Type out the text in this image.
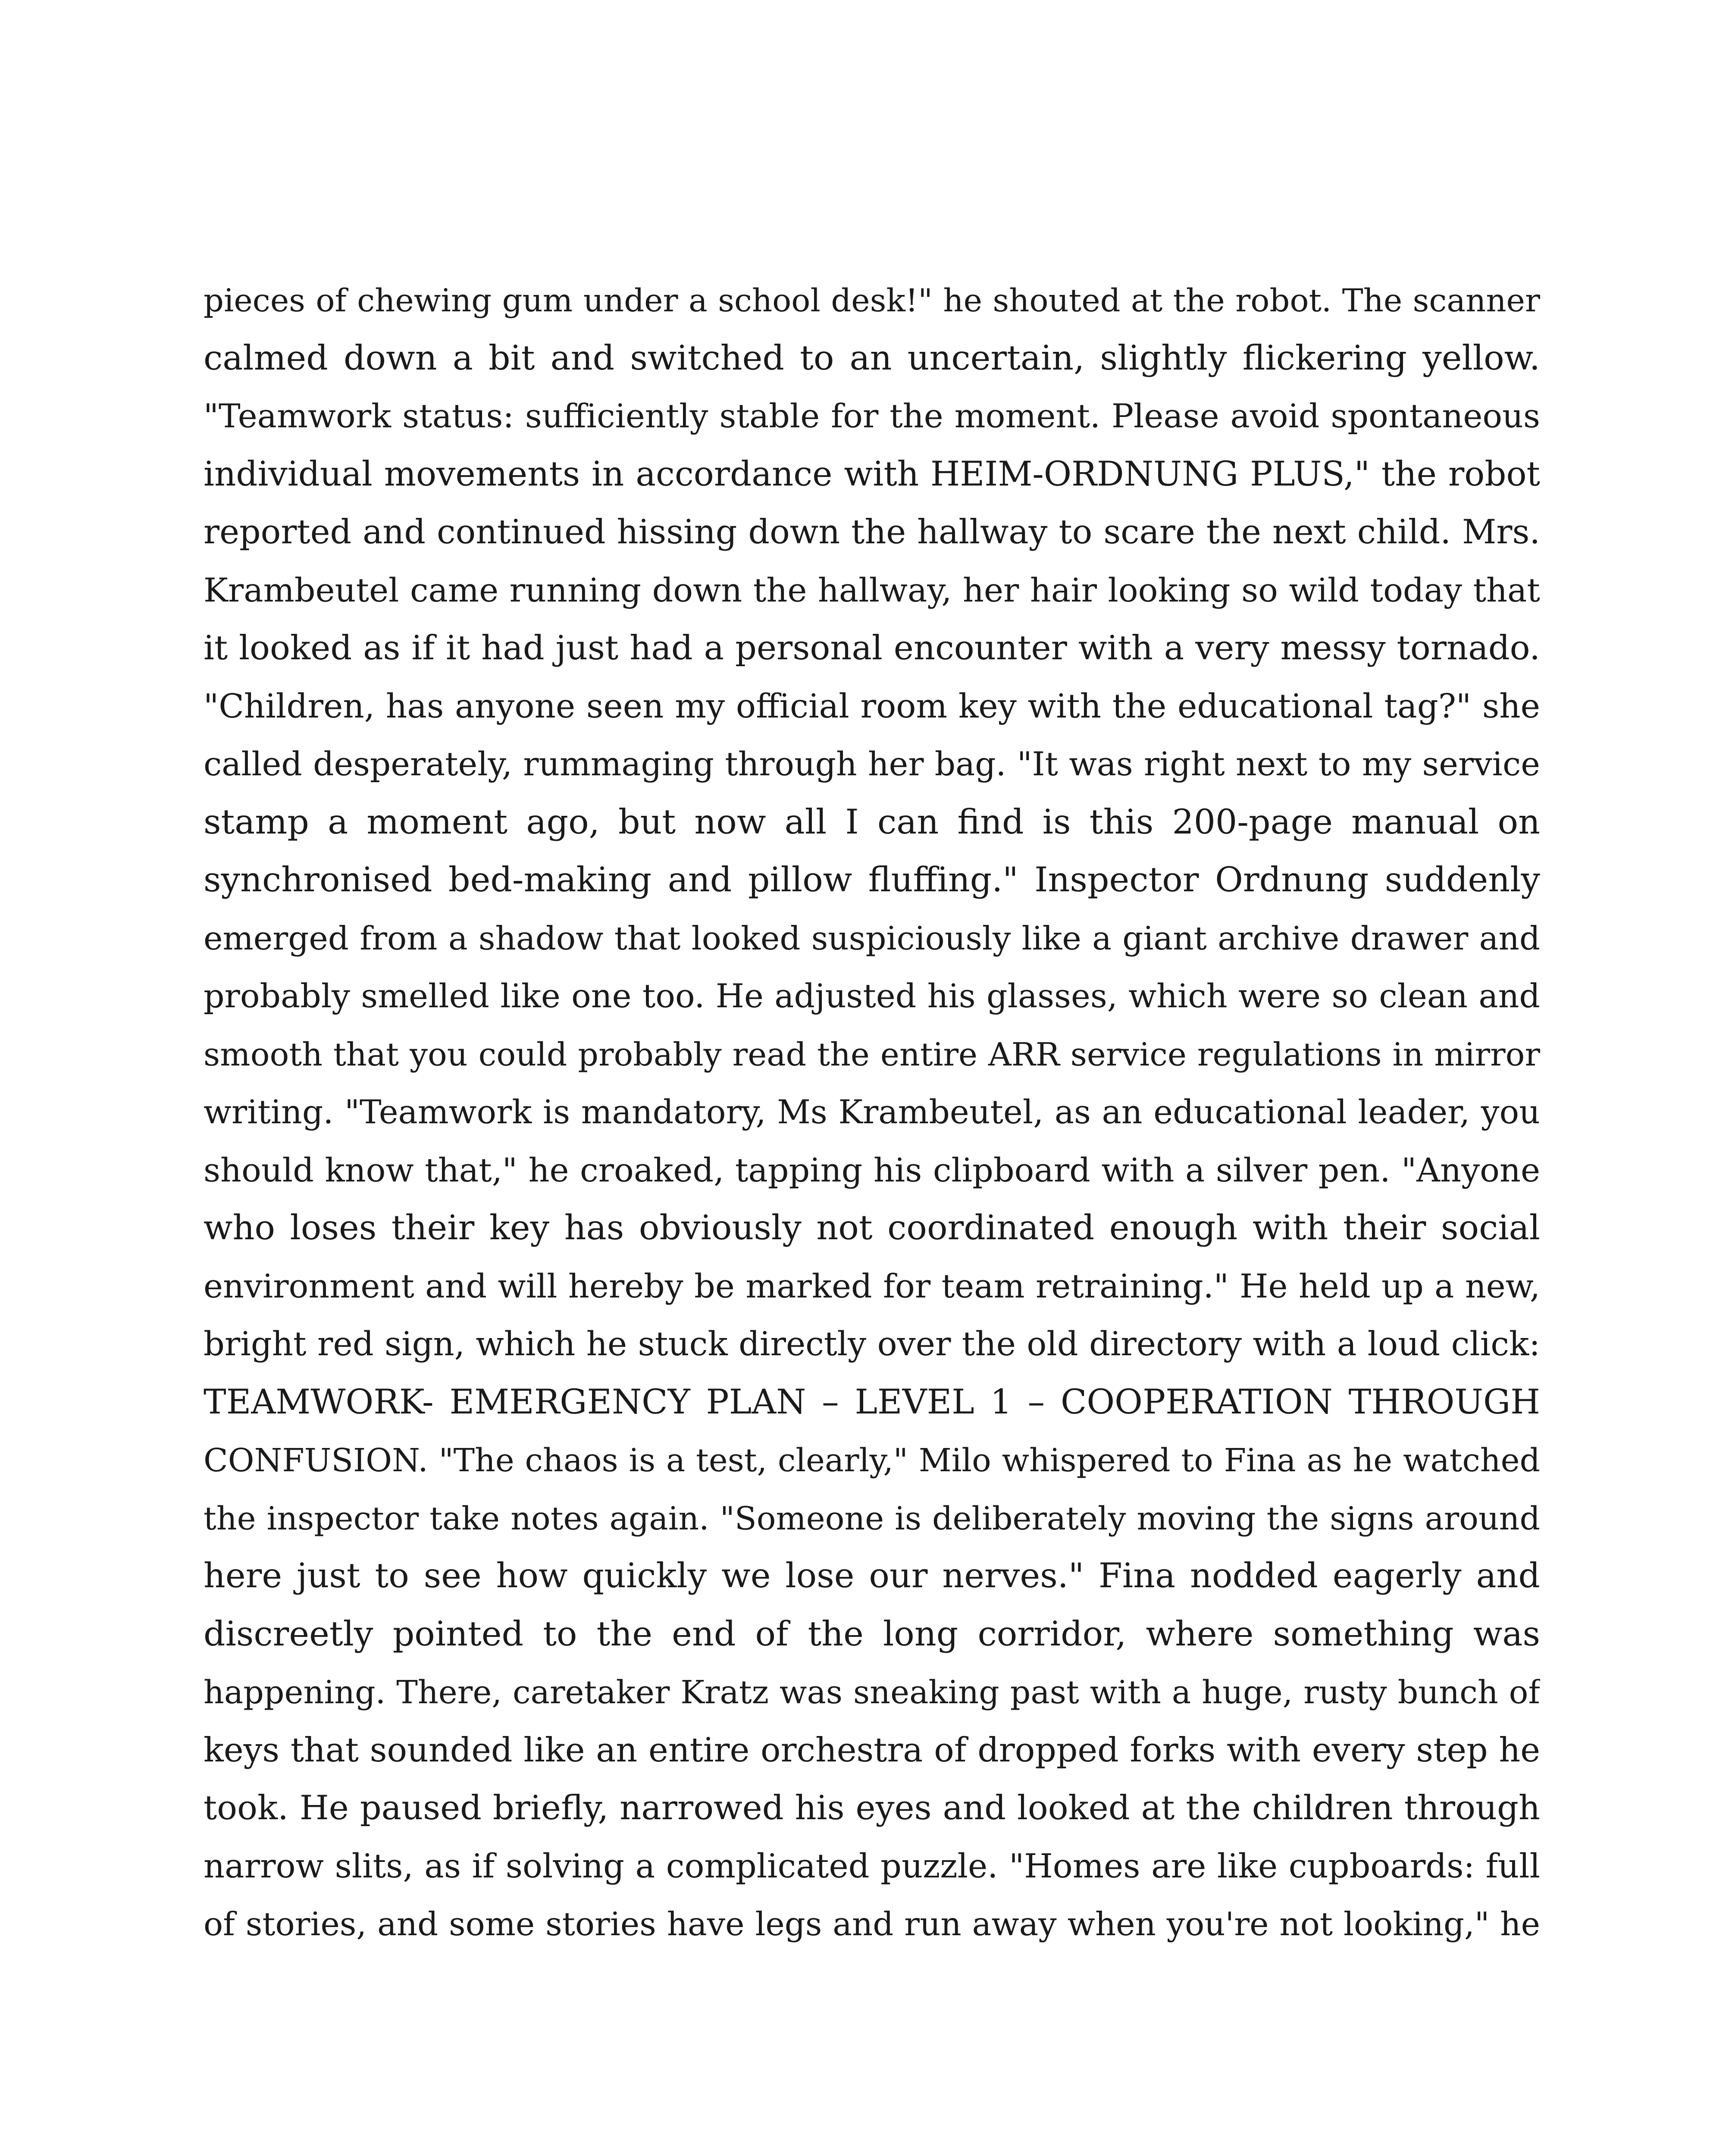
pieces of chewing gum under a school desk!" he shouted at the robot. The scanner
calmed down a bit and switched to an uncertain, slightly flickering yellow.
"Teamwork status: sufficiently stable for the moment. Please avoid spontaneous
individual movements in accordance with HEIM-ORDNUNG PLUS," the robot
reported and continued hissing down the hallway to scare the next child. Mrs.
Krambeutel came running down the hallway, her hair looking so wild today that
it looked as if it had just had a personal encounter with a very messy tornado.
"Children, has anyone seen my official room key with the educational tag?" she
called desperately, rummaging through her bag. "It was right next to my service
stamp a moment ago, but now all I can find is this 200-page manual on
synchronised bed-making and pillow fluffing." Inspector Ordnung suddenly
emerged from a shadow that looked suspiciously like a giant archive drawer and
probably smelled like one too. He adjusted his glasses, which were so clean and
smooth that you could probably read the entire ARR service regulations in mirror
writing. "Teamwork is mandatory, Ms Krambeutel, as an educational leader, you
should know that," he croaked, tapping his clipboard with a silver pen. "Anyone
who loses their key has obviously not coordinated enough with their social
environment and will hereby be marked for team retraining." He held up a new,
bright red sign, which he stuck directly over the old directory with a loud click:
TEAMWORK- EMERGENCY PLAN – LEVEL 1 – COOPERATION THROUGH
CONFUSION. "The chaos is a test, clearly," Milo whispered to Fina as he watched
the inspector take notes again. "Someone is deliberately moving the signs around
here just to see how quickly we lose our nerves." Fina nodded eagerly and
discreetly pointed to the end of the long corridor, where something was
happening. There, caretaker Kratz was sneaking past with a huge, rusty bunch of
keys that sounded like an entire orchestra of dropped forks with every step he
took. He paused briefly, narrowed his eyes and looked at the children through
narrow slits, as if solving a complicated puzzle. "Homes are like cupboards: full
of stories, and some stories have legs and run away when you're not looking," he
